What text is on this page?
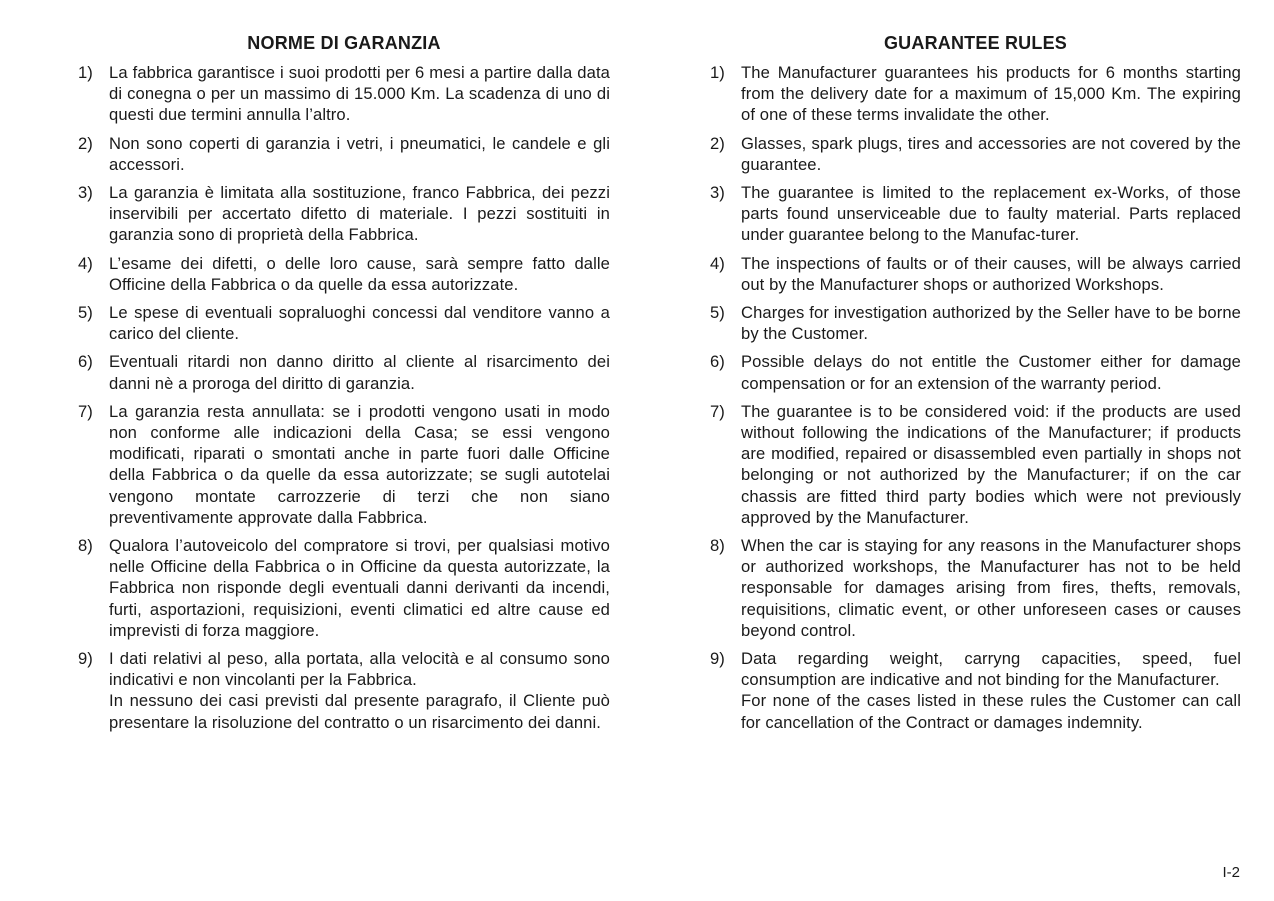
NORME DI GARANZIA
1) La fabbrica garantisce i suoi prodotti per 6 mesi a partire dalla data di conegna o per un massimo di 15.000 Km. La scadenza di uno di questi due termini annulla l’altro.

2) Non sono coperti di garanzia i vetri, i pneumatici, le candele e gli accessori.

3) La garanzia è limitata alla sostituzione, franco Fabbrica, dei pezzi inservibili per accertato difetto di materiale. I pezzi sostituiti in garanzia sono di proprietà della Fabbrica.

4) L’esame dei difetti, o delle loro cause, sarà sempre fatto dalle Officine della Fabbrica o da quelle da essa autorizzate.

5) Le spese di eventuali sopraluoghi concessi dal venditore vanno a carico del cliente.

6) Eventuali ritardi non danno diritto al cliente al risarcimento dei danni nè a proroga del diritto di garanzia.

7) La garanzia resta annullata: se i prodotti vengono usati in modo non conforme alle indicazioni della Casa; se essi vengono modificati, riparati o smontati anche in parte fuori dalle Officine della Fabbrica o da quelle da essa autorizzate; se sugli autotelai vengono montate carrozzerie di terzi che non siano preventivamente approvate dalla Fabbrica.

8) Qualora l’autoveicolo del compratore si trovi, per qualsiasi motivo nelle Officine della Fabbrica o in Officine da questa autorizzate, la Fabbrica non risponde degli eventuali danni derivanti da incendi, furti, asportazioni, requisizioni, eventi climatici ed altre cause ed imprevisti di forza maggiore.

9) I dati relativi al peso, alla portata, alla velocità e al consumo sono indicativi e non vincolanti per la Fabbrica.

In nessuno dei casi previsti dal presente paragrafo, il Cliente può presentare la risoluzione del contratto o un risarcimento dei danni.

GUARANTEE RULES
1) The Manufacturer guarantees his products for 6 months starting from the delivery date for a maximum of 15,000 Km. The expiring of one of these terms invalidate the other.

2) Glasses, spark plugs, tires and accessories are not covered by the guarantee.

3) The guarantee is limited to the replacement ex-Works, of those parts found unserviceable due to faulty material. Parts replaced under guarantee belong to the Manufac-turer.

4) The inspections of faults or of their causes, will be always carried out by the Manufacturer shops or authorized Workshops.

5) Charges for investigation authorized by the Seller have to be borne by the Customer.

6) Possible delays do not entitle the Customer either for damage compensation or for an extension of the warranty period.

7) The guarantee is to be considered void: if the products are used without following the indications of the Manufacturer; if products are modified, repaired or disassembled even partially in shops not belonging or not authorized by the Manufacturer; if on the car chassis are fitted third party bodies which were not previously approved by the Manufacturer.

8) When the car is staying for any reasons in the Manufacturer shops or authorized workshops, the Manufacturer has not to be held responsable for damages arising from fires, thefts, removals, requisitions, climatic event, or other unforeseen cases or causes beyond control.

9) Data regarding weight, carryng capacities, speed, fuel consumption are indicative and not binding for the Manufacturer.

For none of the cases listed in these rules the Customer can call for cancellation of the Contract or damages indemnity.

I-2
